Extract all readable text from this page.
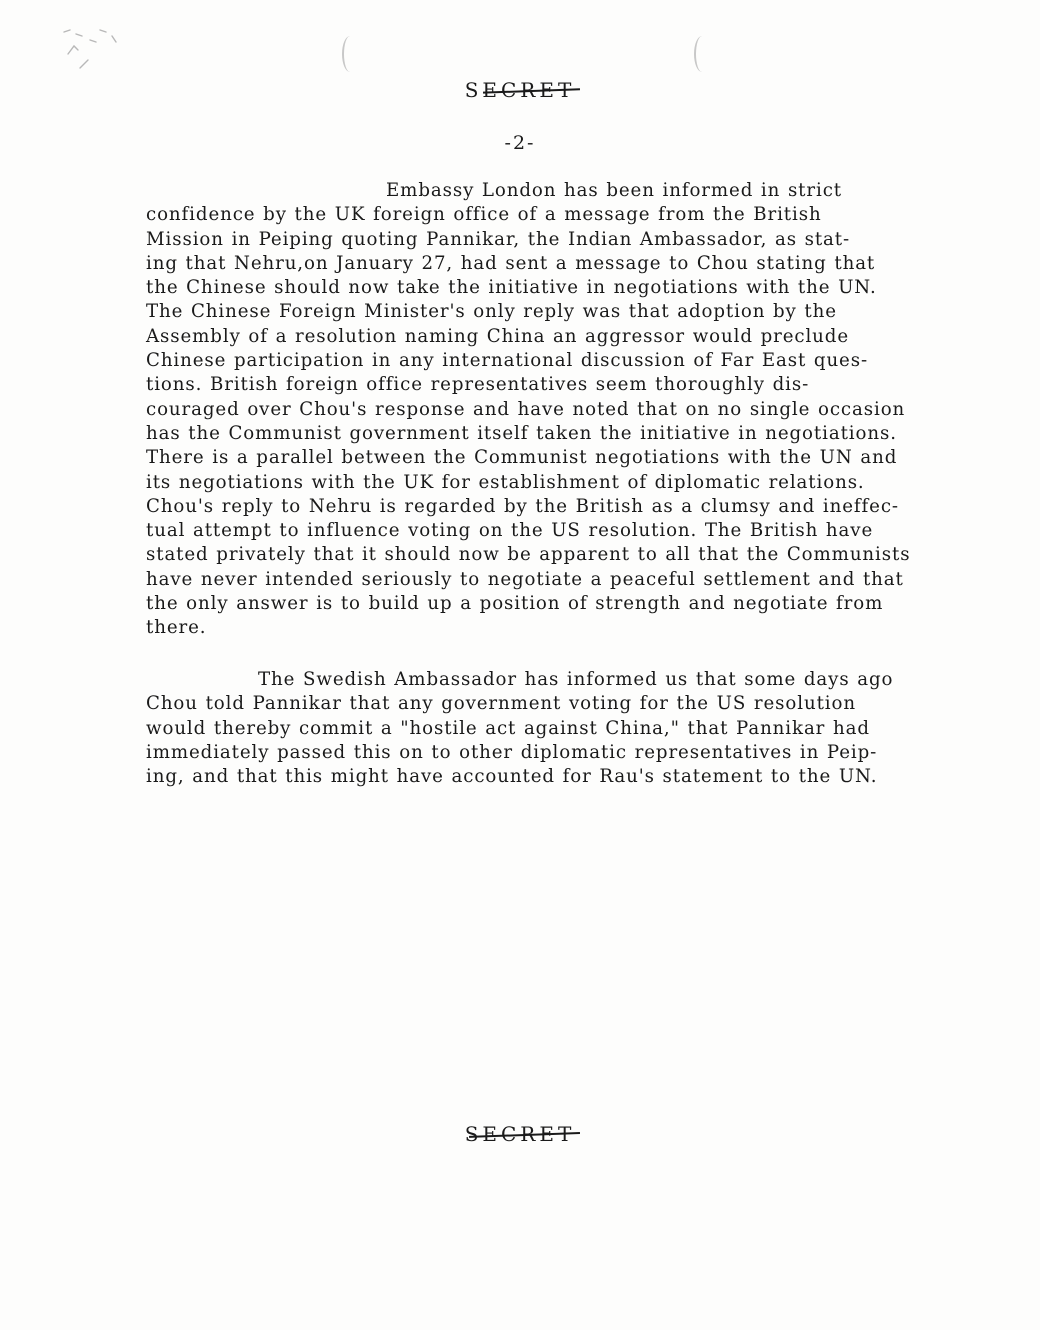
SECRET
-2-
Embassy London has been informed in strict
confidence by the UK foreign office of a message from the British
Mission in Peiping quoting Pannikar, the Indian Ambassador, as stat-
ing that Nehru,on January 27, had sent a message to Chou stating that
the Chinese should now take the initiative in negotiations with the UN.
The Chinese Foreign Minister's only reply was that adoption by the
Assembly of a resolution naming China an aggressor would preclude
Chinese participation in any international discussion of Far East ques-
tions. British foreign office representatives seem thoroughly dis-
couraged over Chou's response and have noted that on no single occasion
has the Communist government itself taken the initiative in negotiations.
There is a parallel between the Communist negotiations with the UN and
its negotiations with the UK for establishment of diplomatic relations.
Chou's reply to Nehru is regarded by the British as a clumsy and ineffec-
tual attempt to influence voting on the US resolution. The British have
stated privately that it should now be apparent to all that the Communists
have never intended seriously to negotiate a peaceful settlement and that
the only answer is to build up a position of strength and negotiate from
there.
The Swedish Ambassador has informed us that some days ago
Chou told Pannikar that any government voting for the US resolution
would thereby commit a "hostile act against China," that Pannikar had
immediately passed this on to other diplomatic representatives in Peip-
ing, and that this might have accounted for Rau's statement to the UN.
SECRET
